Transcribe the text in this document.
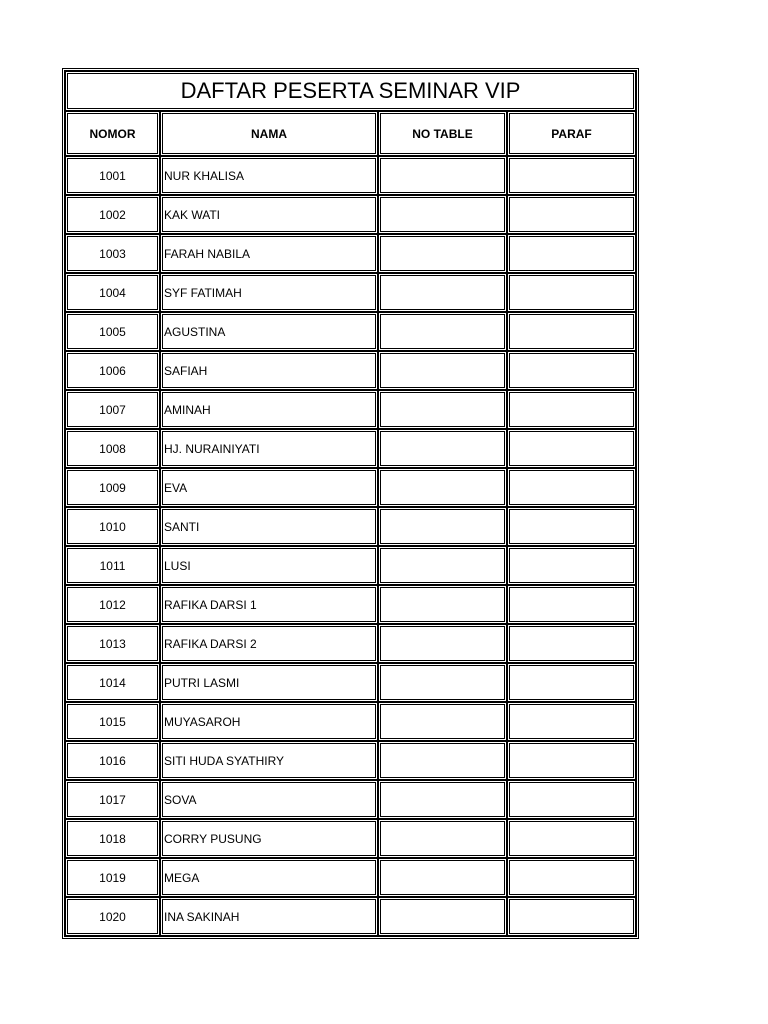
DAFTAR PESERTA SEMINAR VIP			
NOMOR	NAMA	NO TABLE	PARAF
1001	NUR KHALISA		
1002	KAK WATI		
1003	FARAH NABILA		
1004	SYF FATIMAH		
1005	AGUSTINA		
1006	SAFIAH		
1007	AMINAH		
1008	HJ. NURAINIYATI		
1009	EVA		
1010	SANTI		
1011	LUSI		
1012	RAFIKA DARSI 1		
1013	RAFIKA DARSI 2		
1014	PUTRI LASMI		
1015	MUYASAROH		
1016	SITI HUDA SYATHIRY		
1017	SOVA		
1018	CORRY PUSUNG		
1019	MEGA		
1020	INA SAKINAH		
